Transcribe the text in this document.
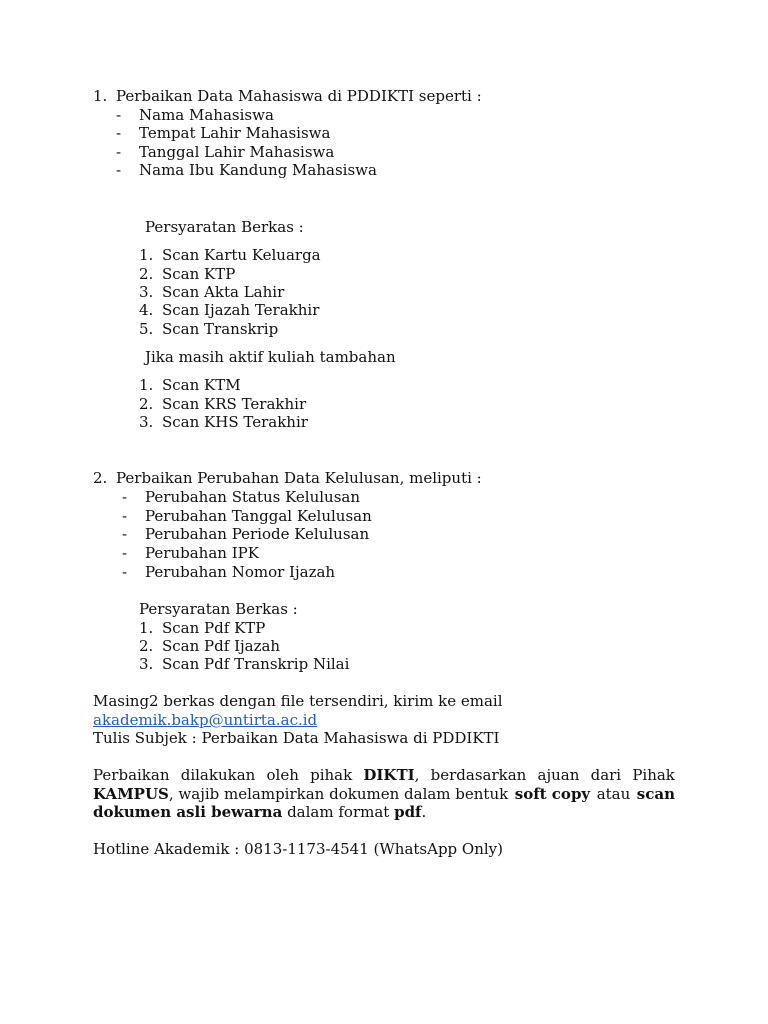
1. Perbaikan Data Mahasiswa di PDDIKTI seperti :
- Nama Mahasiswa
- Tempat Lahir Mahasiswa
- Tanggal Lahir Mahasiswa
- Nama Ibu Kandung Mahasiswa
Persyaratan Berkas :
1. Scan Kartu Keluarga
2. Scan KTP
3. Scan Akta Lahir
4. Scan Ijazah Terakhir
5. Scan Transkrip
Jika masih aktif kuliah tambahan
1. Scan KTM
2. Scan KRS Terakhir
3. Scan KHS Terakhir
2. Perbaikan Perubahan Data Kelulusan, meliputi :
- Perubahan Status Kelulusan
- Perubahan Tanggal Kelulusan
- Perubahan Periode Kelulusan
- Perubahan IPK
- Perubahan Nomor Ijazah
Persyaratan Berkas :
1. Scan Pdf KTP
2. Scan Pdf Ijazah
3. Scan Pdf Transkrip Nilai
Masing2 berkas dengan file tersendiri, kirim ke email
akademik.bakp@untirta.ac.id
Tulis Subjek : Perbaikan Data Mahasiswa di PDDIKTI
Perbaikan dilakukan oleh pihak DIKTI, berdasarkan ajuan dari Pihak
KAMPUS, wajib melampirkan dokumen dalam bentuk soft copy atau scan
dokumen asli bewarna dalam format pdf.
Hotline Akademik : 0813-1173-4541 (WhatsApp Only)
